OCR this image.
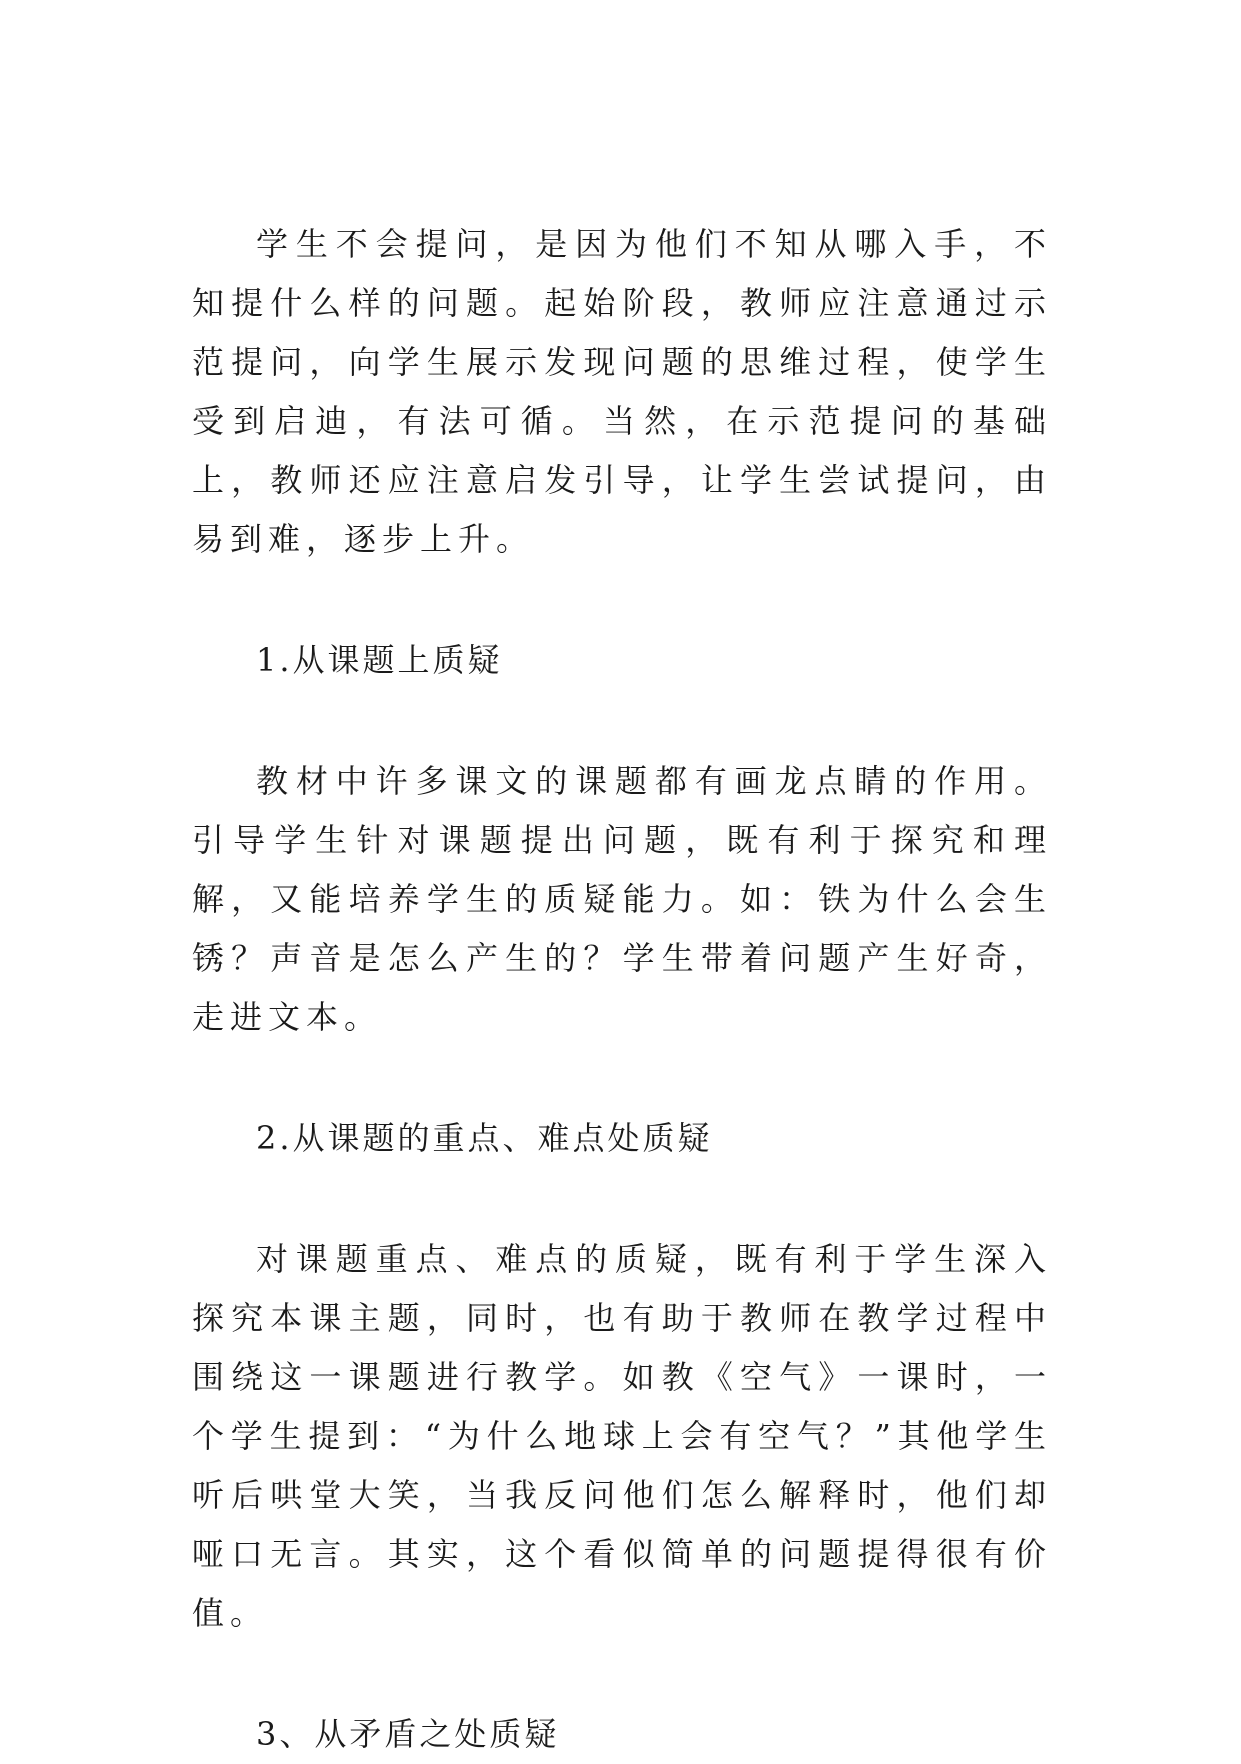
学生不会提问，是因为他们不知从哪入手，不知提什么样的问题。起始阶段，教师应注意通过示范提问，向学生展示发现问题的思维过程，使学生受到启迪，有法可循。当然，在示范提问的基础上，教师还应注意启发引导，让学生尝试提问，由易到难，逐步上升。

1.从课题上质疑

教材中许多课文的课题都有画龙点睛的作用。引导学生针对课题提出问题，既有利于探究和理解，又能培养学生的质疑能力。如：铁为什么会生锈？声音是怎么产生的？学生带着问题产生好奇，走进文本。

2.从课题的重点、难点处质疑

对课题重点、难点的质疑，既有利于学生深入探究本课主题，同时，也有助于教师在教学过程中围绕这一课题进行教学。如教《空气》一课时，一个学生提到：“为什么地球上会有空气？”其他学生听后哄堂大笑，当我反问他们怎么解释时，他们却哑口无言。其实，这个看似简单的问题提得很有价值。

3、从矛盾之处质疑
